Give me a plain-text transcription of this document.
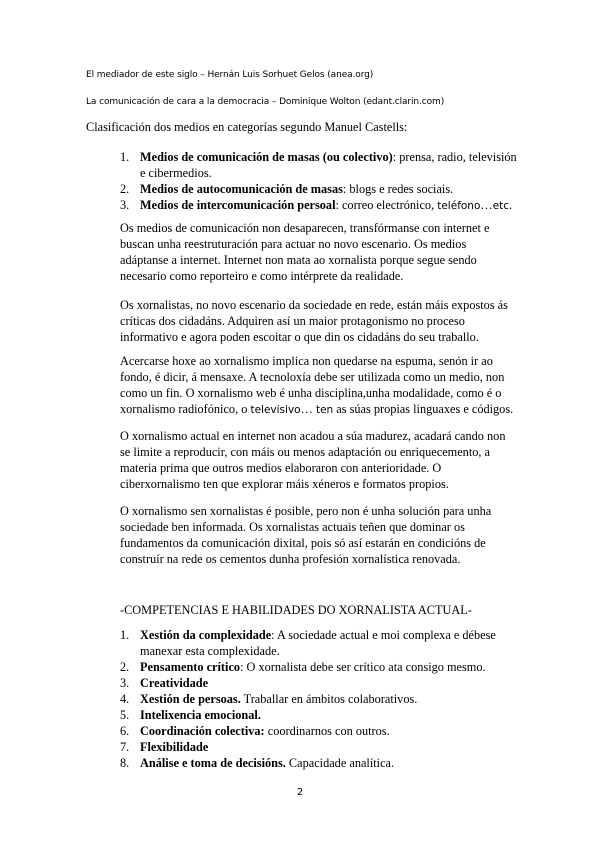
El mediador de este siglo – Hernán Luis Sorhuet Gelos (anea.org)
La comunicación de cara a la democracia – Dominique Wolton (edant.clarin.com)
Clasificación dos medios en categorías segundo Manuel Castells:
1. Medios de comunicación de masas (ou colectivo): prensa, radio, televisión e cibermedios.
2. Medios de autocomunicación de masas: blogs e redes sociais.
3. Medios de intercomunicación persoal: correo electrónico, teléfono…etc.

Os medios de comunicación non desaparecen, transfórmanse con internet e buscan unha reestruturación para actuar no novo escenario. Os medios adáptanse a internet. Internet non mata ao xornalista porque segue sendo necesario como reporteiro e como intérprete da realidade.

Os xornalistas, no novo escenario da sociedade en rede, están máis expostos ás críticas dos cidadáns. Adquiren así un maior protagonismo no proceso informativo e agora poden escoitar o que din os cidadáns do seu traballo.

Acercarse hoxe ao xornalismo implica non quedarse na espuma, senón ir ao fondo, é dicir, á mensaxe. A tecnoloxía debe ser utilizada como un medio, non como un fin. O xornalismo web é unha disciplina,unha modalidade, como é o xornalismo radiofónico, o televisivo… ten as súas propias linguaxes e códigos.

O xornalismo actual en internet non acadou a súa madurez, acadará cando non se limite a reproducir, con máis ou menos adaptación ou enriquecemento, a materia prima que outros medios elaboraron con anterioridade. O ciberxornalismo ten que explorar máis xéneros e formatos propios.

O xornalismo sen xornalistas é posible, pero non é unha solución para unha sociedade ben informada. Os xornalistas actuais teñen que dominar os fundamentos da comunicación dixital, pois só así estarán en condicións de construír na rede os cementos dunha profesión xornalística renovada.

-COMPETENCIAS E HABILIDADES DO XORNALISTA ACTUAL-
1. Xestión da complexidade: A sociedade actual e moi complexa e débese manexar esta complexidade.
2. Pensamento crítico: O xornalista debe ser crítico ata consigo mesmo.
3. Creatividade
4. Xestión de persoas. Traballar en ámbitos colaborativos.
5. Intelixencia emocional.
6. Coordinación colectiva: coordinarnos con outros.
7. Flexibilidade
8. Análise e toma de decisións. Capacidade analítica.
2
